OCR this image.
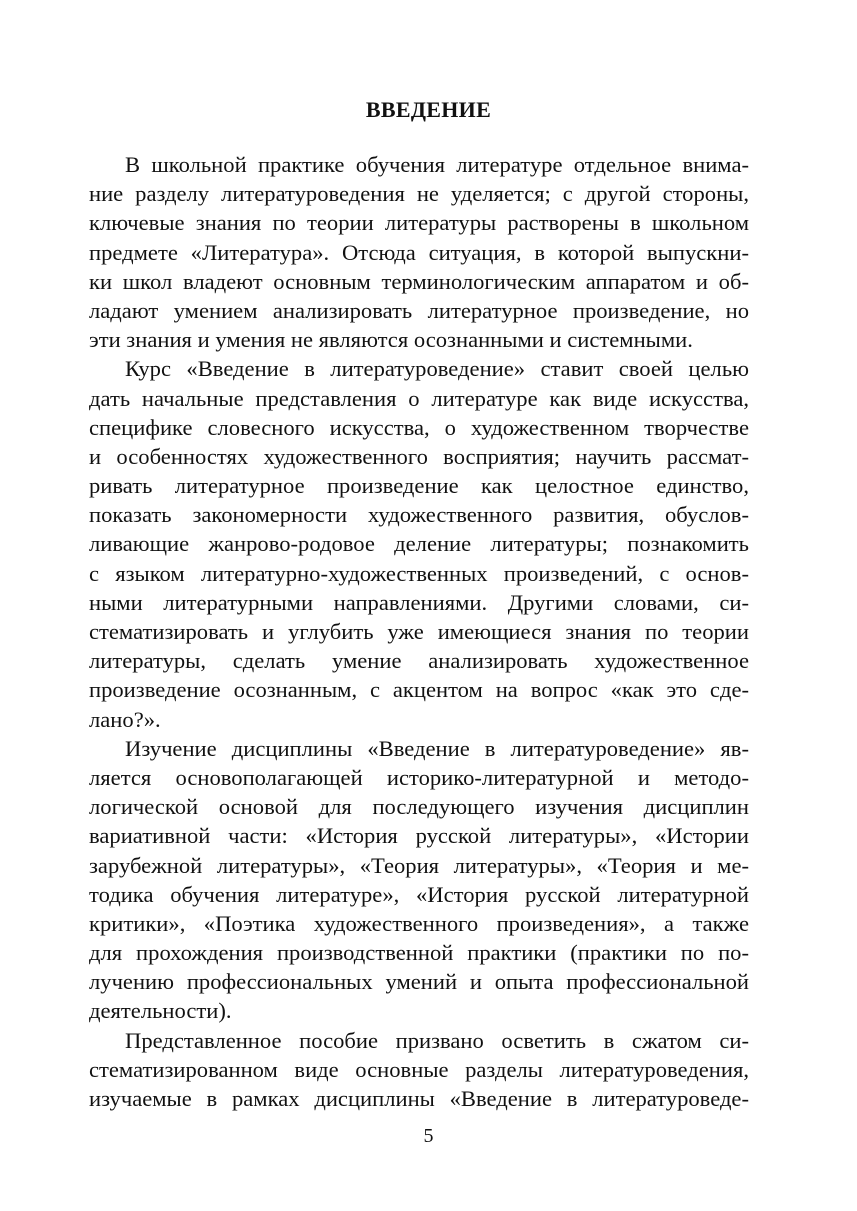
ВВЕДЕНИЕ
В школьной практике обучения литературе отдельное внима-
ние разделу литературоведения не уделяется; с другой стороны,
ключевые знания по теории литературы растворены в школьном
предмете «Литература». Отсюда ситуация, в которой выпускни-
ки школ владеют основным терминологическим аппаратом и об-
ладают умением анализировать литературное произведение, но
эти знания и умения не являются осознанными и системными.
Курс «Введение в литературоведение» ставит своей целью
дать начальные представления о литературе как виде искусства,
специфике словесного искусства, о художественном творчестве
и особенностях художественного восприятия; научить рассмат-
ривать литературное произведение как целостное единство,
показать закономерности художественного развития, обуслов-
ливающие жанрово-родовое деление литературы; познакомить
с языком литературно-художественных произведений, с основ-
ными литературными направлениями. Другими словами, си-
стематизировать и углубить уже имеющиеся знания по теории
литературы, сделать умение анализировать художественное
произведение осознанным, с акцентом на вопрос «как это сде-
лано?».
Изучение дисциплины «Введение в литературоведение» яв-
ляется основополагающей историко-литературной и методо-
логической основой для последующего изучения дисциплин
вариативной части: «История русской литературы», «Истории
зарубежной литературы», «Теория литературы», «Теория и ме-
тодика обучения литературе», «История русской литературной
критики», «Поэтика художественного произведения», а также
для прохождения производственной практики (практики по по-
лучению профессиональных умений и опыта профессиональной
деятельности).
Представленное пособие призвано осветить в сжатом си-
стематизированном виде основные разделы литературоведения,
изучаемые в рамках дисциплины «Введение в литературоведе-
5
